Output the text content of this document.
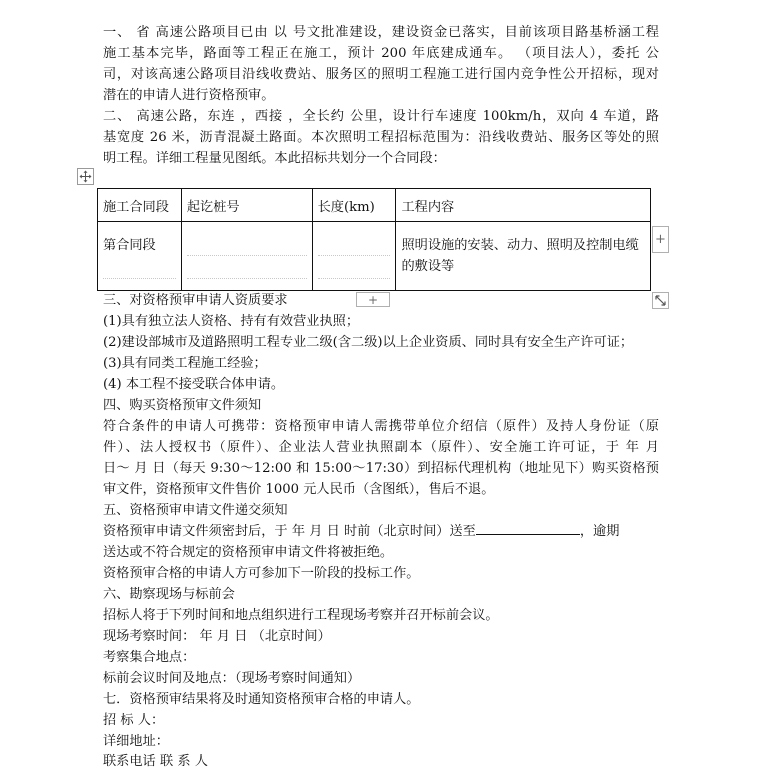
一、 省 高速公路项目已由 以 号文批准建设，建设资金已落实，目前该项目路基桥涵工程
施工基本完毕，路面等工程正在施工，预计 200 年底建成通车。 （项目法人），委托 公
司，对该高速公路项目沿线收费站、服务区的照明工程施工进行国内竞争性公开招标，现对
潜在的申请人进行资格预审。
二、 高速公路，东连 ，西接 ，全长约 公里，设计行车速度 100km/h，双向 4 车道，路
基宽度 26 米，沥青混凝土路面。本次照明工程招标范围为：沿线收费站、服务区等处的照
明工程。详细工程量见图纸。本此招标共划分一个合同段：
施工合同段	起讫桩号	长度(km)	工程内容

第合同段			照明设施的安装、动力、照明及控制电缆的敷设等
+
+
三、对资格预审申请人资质要求
(1)具有独立法人资格、持有有效营业执照；
(2)建设部城市及道路照明工程专业二级(含二级)以上企业资质、同时具有安全生产许可证；
(3)具有同类工程施工经验；
(4) 本工程不接受联合体申请。
四、购买资格预审文件须知
符合条件的申请人可携带：资格预审申请人需携带单位介绍信（原件）及持人身份证（原
件）、法人授权书（原件）、企业法人营业执照副本（原件）、安全施工许可证，于 年 月
日～ 月 日（每天 9:30～12:00 和 15:00～17:30）到招标代理机构（地址见下）购买资格预
审文件，资格预审文件售价 1000 元人民币（含图纸），售后不退。
五、资格预审申请文件递交须知
资格预审申请文件须密封后，于 年 月 日 时前（北京时间）送至	，逾期
送达或不符合规定的资格预审申请文件将被拒绝。
资格预审合格的申请人方可参加下一阶段的投标工作。
六、勘察现场与标前会
招标人将于下列时间和地点组织进行工程现场考察并召开标前会议。
现场考察时间： 年 月 日 （北京时间）
考察集合地点：
标前会议时间及地点：（现场考察时间通知）
七．资格预审结果将及时通知资格预审合格的申请人。
招 标 人：
详细地址：
联系电话 联 系 人
